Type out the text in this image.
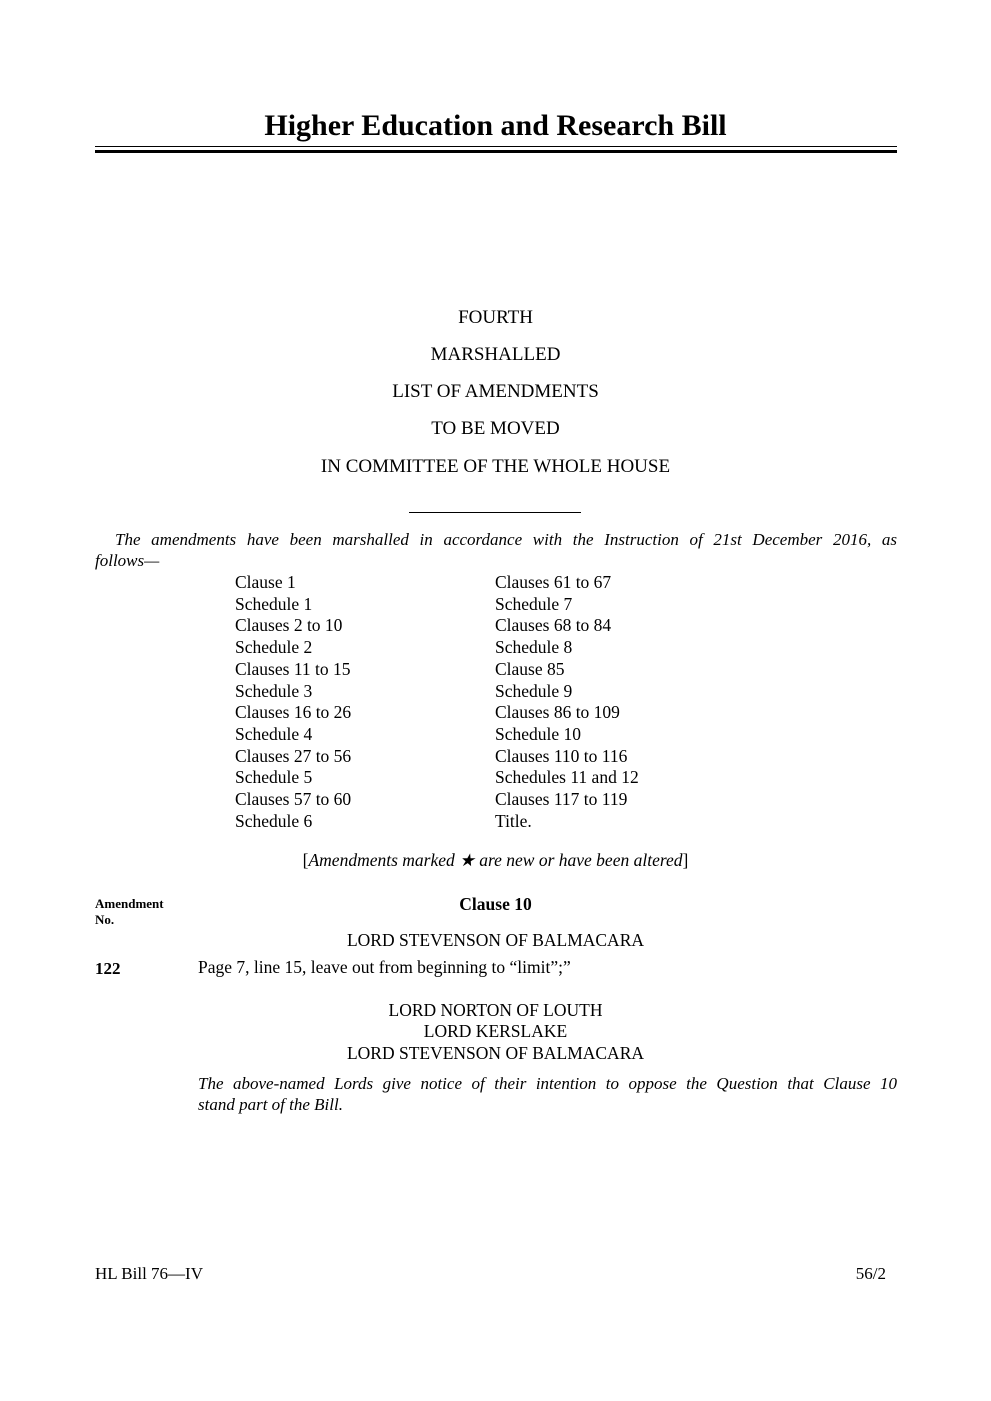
Higher Education and Research Bill
FOURTH
MARSHALLED
LIST OF AMENDMENTS
TO BE MOVED
IN COMMITTEE OF THE WHOLE HOUSE
The amendments have been marshalled in accordance with the Instruction of 21st December 2016, as
follows—
Clause 1
Schedule 1
Clauses 2 to 10
Schedule 2
Clauses 11 to 15
Schedule 3
Clauses 16 to 26
Schedule 4
Clauses 27 to 56
Schedule 5
Clauses 57 to 60
Schedule 6
Clauses 61 to 67
Schedule 7
Clauses 68 to 84
Schedule 8
Clause 85
Schedule 9
Clauses 86 to 109
Schedule 10
Clauses 110 to 116
Schedules 11 and 12
Clauses 117 to 119
Title.
[Amendments marked ★ are new or have been altered]
Amendment
No.
Clause 10
LORD STEVENSON OF BALMACARA
122	Page 7, line 15, leave out from beginning to “limit”;”
LORD NORTON OF LOUTH
LORD KERSLAKE
LORD STEVENSON OF BALMACARA
The above-named Lords give notice of their intention to oppose the Question that Clause 10
stand part of the Bill.
HL Bill 76—IV	56/2
